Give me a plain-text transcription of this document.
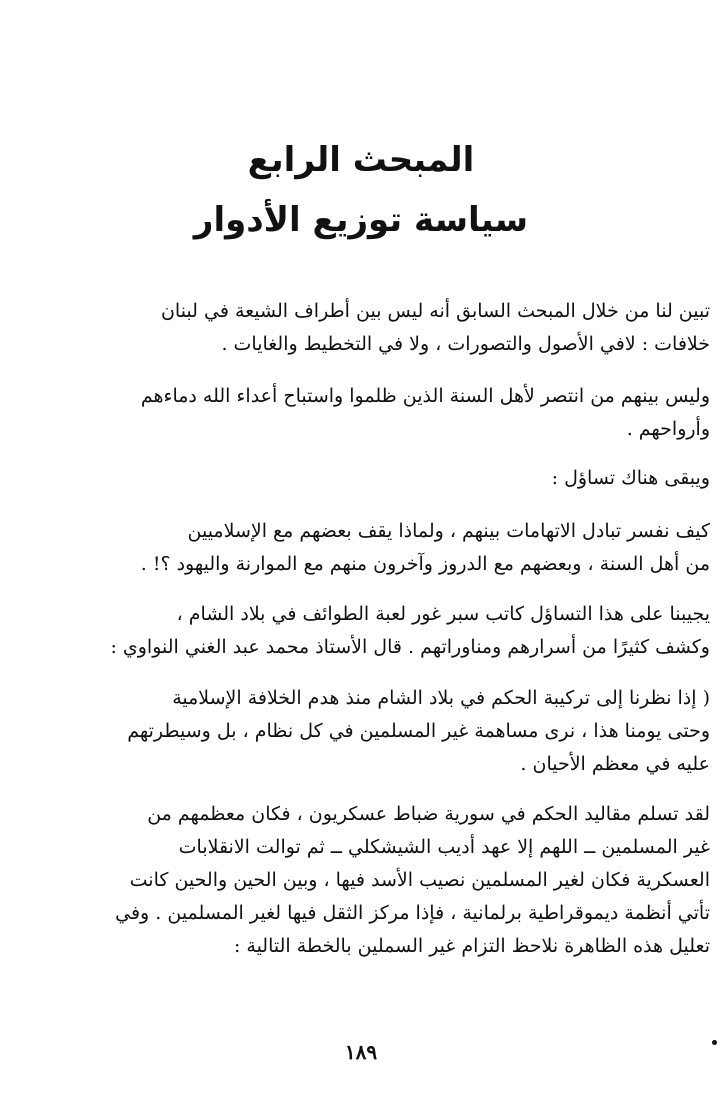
المبحث الرابع
سياسة توزيع الأدوار
تبين لنا من خلال المبحث السابق أنه ليس بين أطراف الشيعة في لبنان
خلافات : لافي الأصول والتصورات ، ولا في التخطيط والغايات .
وليس بينهم من انتصر لأهل السنة الذين ظلموا واستباح أعداء الله دماءهم
وأرواحهم .
ويبقى هناك تساؤل :
كيف نفسر تبادل الاتهامات بينهم ، ولماذا يقف بعضهم مع الإسلاميين
من أهل السنة ، وبعضهم مع الدروز وآخرون منهم مع الموارنة واليهود ؟! .
يجيبنا على هذا التساؤل كاتب سبر غور لعبة الطوائف في بلاد الشام ،
وكشف كثيرًا من أسرارهم ومناوراتهم . قال الأستاذ محمد عبد الغني النواوي :
( إذا نظرنا إلى تركيبة الحكم في بلاد الشام منذ هدم الخلافة الإسلامية
وحتى يومنا هذا ، نرى مساهمة غير المسلمين في كل نظام ، بل وسيطرتهم
عليه في معظم الأحيان .
لقد تسلم مقاليد الحكم في سورية ضباط عسكريون ، فكان معظمهم من
غير المسلمين ــ اللهم إلا عهد أديب الشيشكلي ــ ثم توالت الانقلابات
العسكرية فكان لغير المسلمين نصيب الأسد فيها ، وبين الحين والحين كانت
تأتي أنظمة ديموقراطية برلمانية ، فإذا مركز الثقل فيها لغير المسلمين . وفي
تعليل هذه الظاهرة نلاحظ التزام غير السملين بالخطة التالية :
١٨٩
